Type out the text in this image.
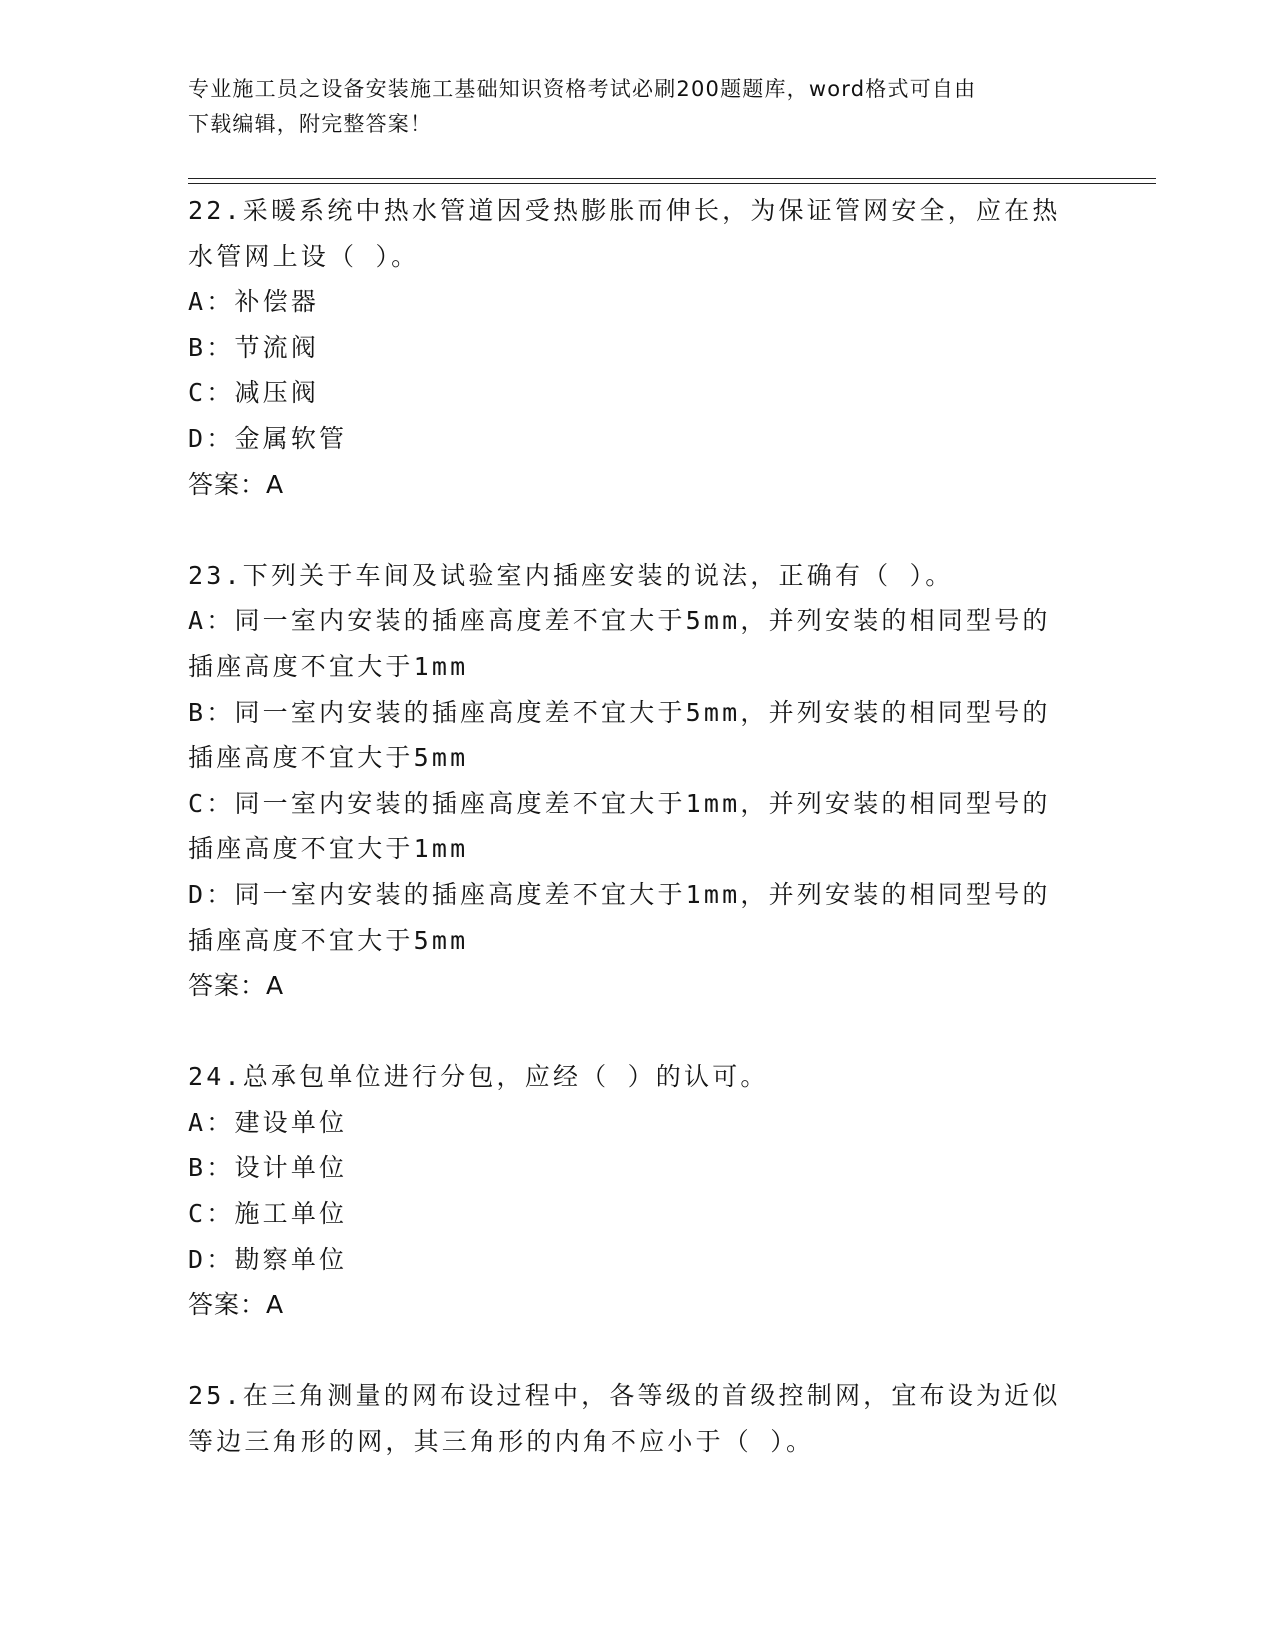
专业施工员之设备安装施工基础知识资格考试必刷200题题库，word格式可自由
下载编辑，附完整答案！
22.采暖系统中热水管道因受热膨胀而伸长，为保证管网安全，应在热
水管网上设（ ）。
A：补偿器
B：节流阀
C：减压阀
D：金属软管
答案：A
23.下列关于车间及试验室内插座安装的说法，正确有（ ）。
A：同一室内安装的插座高度差不宜大于5mm，并列安装的相同型号的
插座高度不宜大于1mm
B：同一室内安装的插座高度差不宜大于5mm，并列安装的相同型号的
插座高度不宜大于5mm
C：同一室内安装的插座高度差不宜大于1mm，并列安装的相同型号的
插座高度不宜大于1mm
D：同一室内安装的插座高度差不宜大于1mm，并列安装的相同型号的
插座高度不宜大于5mm
答案：A
24.总承包单位进行分包，应经（ ）的认可。
A：建设单位
B：设计单位
C：施工单位
D：勘察单位
答案：A
25.在三角测量的网布设过程中，各等级的首级控制网，宜布设为近似
等边三角形的网，其三角形的内角不应小于（ ）。
